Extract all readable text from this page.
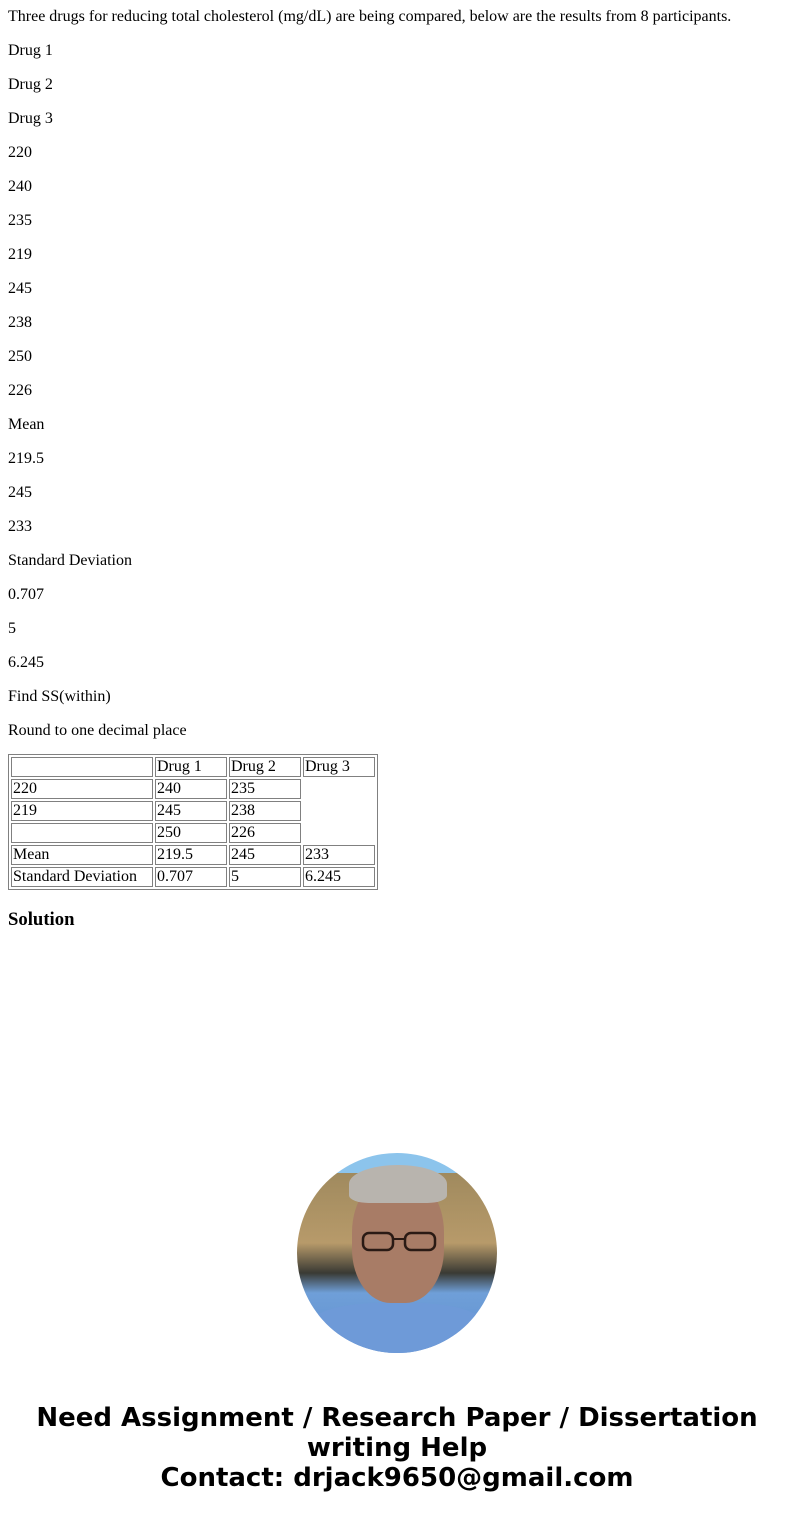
Three drugs for reducing total cholesterol (mg/dL) are being compared, below are the results from 8 participants.

Drug 1

Drug 2

Drug 3

220

240

235

219

245

238

250

226

Mean

219.5

245

233

Standard Deviation

0.707

5

6.245

Find SS(within)

Round to one decimal place

	Drug 1	Drug 2	Drug 3
220	240	235	
219	245	238	
	250	226	
Mean	219.5	245	233
Standard Deviation	0.707	5	6.245
Solution
Need Assignment / Research Paper / Dissertation
writing Help
Contact: drjack9650@gmail.com
